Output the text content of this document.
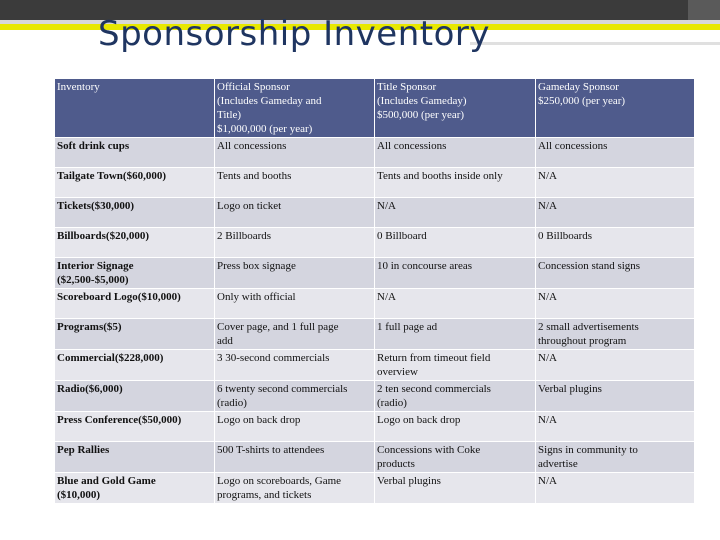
Sponsorship Inventory
Inventory	Official Sponsor
(Includes Gameday and
Title)
$1,000,000 (per year)	Title Sponsor
(Includes Gameday)
$500,000 (per year)	Gameday Sponsor
$250,000 (per year)

Soft drink cups	All concessions	All concessions	All concessions

Tailgate Town($60,000)	Tents and booths	Tents and booths inside only	N/A

Tickets($30,000)	Logo on ticket	N/A	N/A

Billboards($20,000)	2 Billboards	0 Billboard	0 Billboards

Interior Signage
($2,500-$5,000)	Press box signage	10 in concourse areas	Concession stand signs

Scoreboard Logo($10,000)	Only with official	N/A	N/A

Programs($5)	Cover page, and 1 full page
add	1 full page ad	2 small advertisements
throughout program

Commercial($228,000)	3 30-second commercials	Return from timeout field
overview	N/A

Radio($6,000)	6 twenty second commercials
(radio)	2 ten second commercials
(radio)	Verbal plugins

Press Conference($50,000)	Logo on back drop	Logo on back drop	N/A

Pep Rallies	500 T-shirts to attendees	Concessions with Coke
products	Signs in community to
advertise

Blue and Gold Game
($10,000)	Logo on scoreboards, Game
programs, and tickets	Verbal plugins	N/A
